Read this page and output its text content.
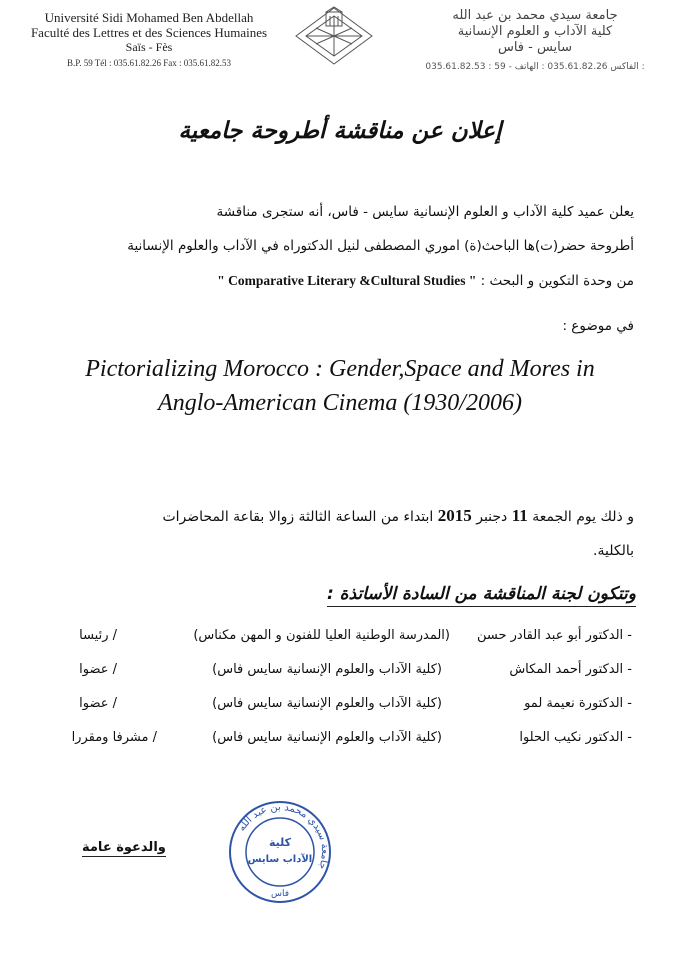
Université Sidi Mohamed Ben Abdellah
Faculté des Lettres et des Sciences Humaines
Saïs - Fès
B.P. 59 Tél : 035.61.82.26 Fax : 035.61.82.53
جامعة سيدي محمد بن عبد الله
كلية الآداب و العلوم الإنسانية
سايس - فاس
035.61.82.53 : الفاكس 035.61.82.26 : الهاتف - 59 :
إعلان عن مناقشة أطروحة جامعية
يعلن عميد كلية الآداب و العلوم الإنسانية سايس - فاس، أنه ستجرى مناقشة
أطروحة حضر(ت)ها الباحث(ة) اموري المصطفى لنيل الدكتوراه في الآداب والعلوم الإنسانية
من وحدة التكوين و البحث : " Comparative Literary &Cultural Studies "
في موضوع :
Pictorializing Morocco : Gender,Space and Mores in
Anglo-American Cinema (1930/2006)
و ذلك يوم الجمعة 11 دجنبر 2015 ابتداء من الساعة الثالثة زوالا بقاعة المحاضرات
بالكلية.
وتتكون لجنة المناقشة من السادة الأساتذة :
- الدكتور أبو عبد القادر حسن
(المدرسة الوطنية العليا للفنون و المهن مكناس)
/ رئيسا
- الدكتور أحمد المكاش
(كلية الآداب والعلوم الإنسانية سايس فاس)
/ عضوا
- الدكتورة نعيمة لمو
(كلية الآداب والعلوم الإنسانية سايس فاس)
/ عضوا
- الدكتور نكيب الحلوا
(كلية الآداب والعلوم الإنسانية سايس فاس)
/ مشرفا ومقررا
والدعوة عامة
جامعة سيدي محمد بن عبد الله
كلية
الآداب سايس
فاس
